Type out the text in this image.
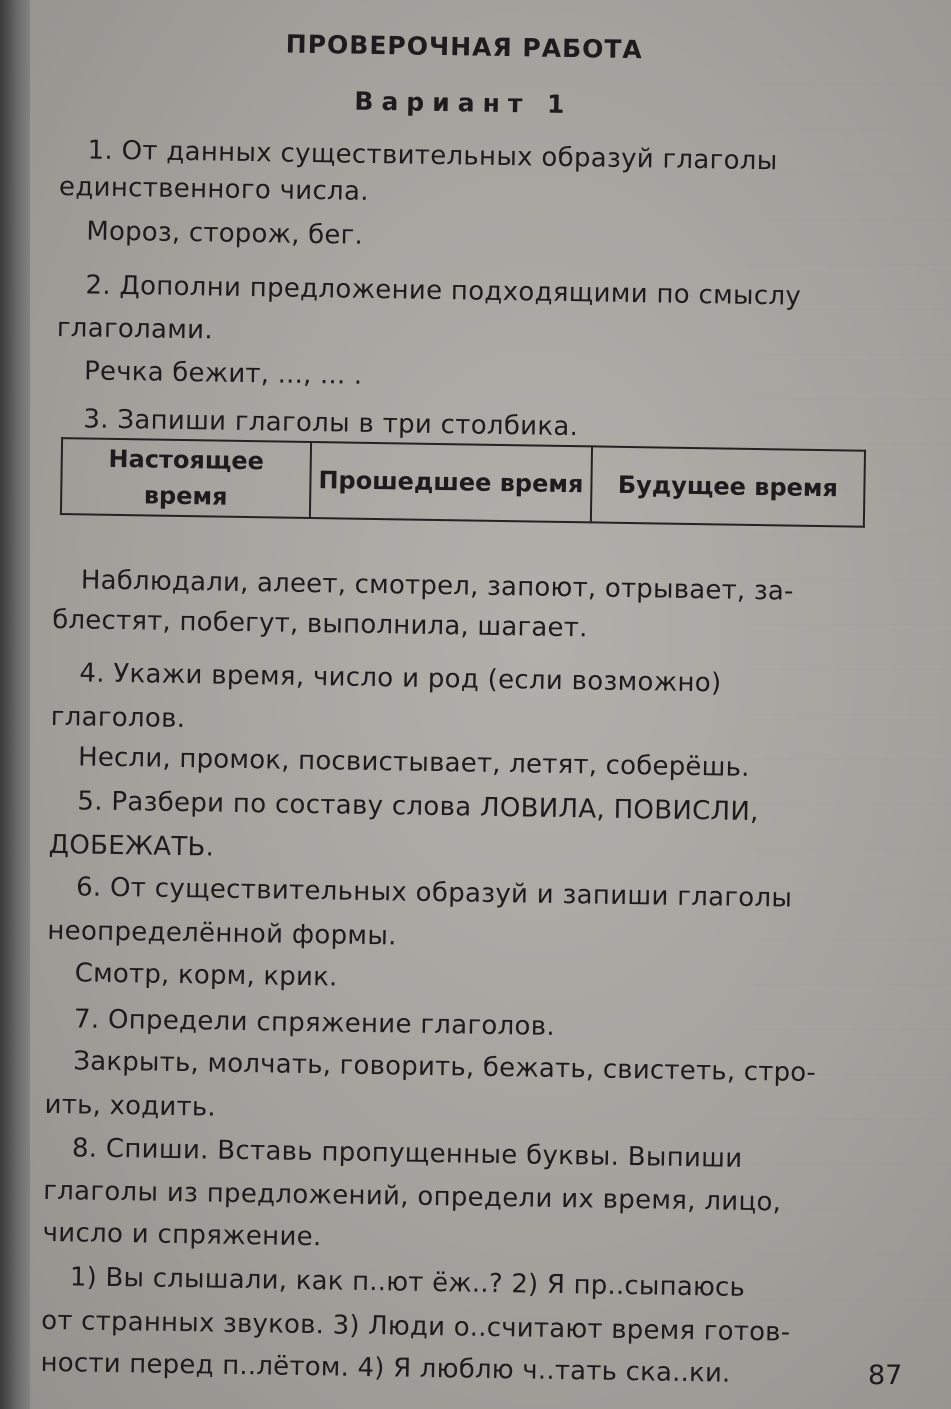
ПРОВЕРОЧНАЯ РАБОТА
Вариант 1
1. От данных существительных образуй глаголы
единственного числа.
Мороз, сторож, бег.
2. Дополни предложение подходящими по смыслу
глаголами.
Речка бежит, ..., ... .
3. Запиши глаголы в три столбика.
Настоящее время	Прошедшее время	Будущее время
Наблюдали, алеет, смотрел, запоют, отрывает, за-
блестят, побегут, выполнила, шагает.
4. Укажи время, число и род (если возможно)
глаголов.
Несли, промок, посвистывает, летят, соберёшь.
5. Разбери по составу слова ЛОВИЛА, ПОВИСЛИ,
ДОБЕЖАТЬ.
6. От существительных образуй и запиши глаголы
неопределённой формы.
Смотр, корм, крик.
7. Определи спряжение глаголов.
Закрыть, молчать, говорить, бежать, свистеть, стро-
ить, ходить.
8. Спиши. Вставь пропущенные буквы. Выпиши
глаголы из предложений, определи их время, лицо,
число и спряжение.
1) Вы слышали, как п..ют ёж..? 2) Я пр..сыпаюсь
от странных звуков. 3) Люди о..считают время готов-
ности перед п..лётом. 4) Я люблю ч..тать ска..ки.	87
